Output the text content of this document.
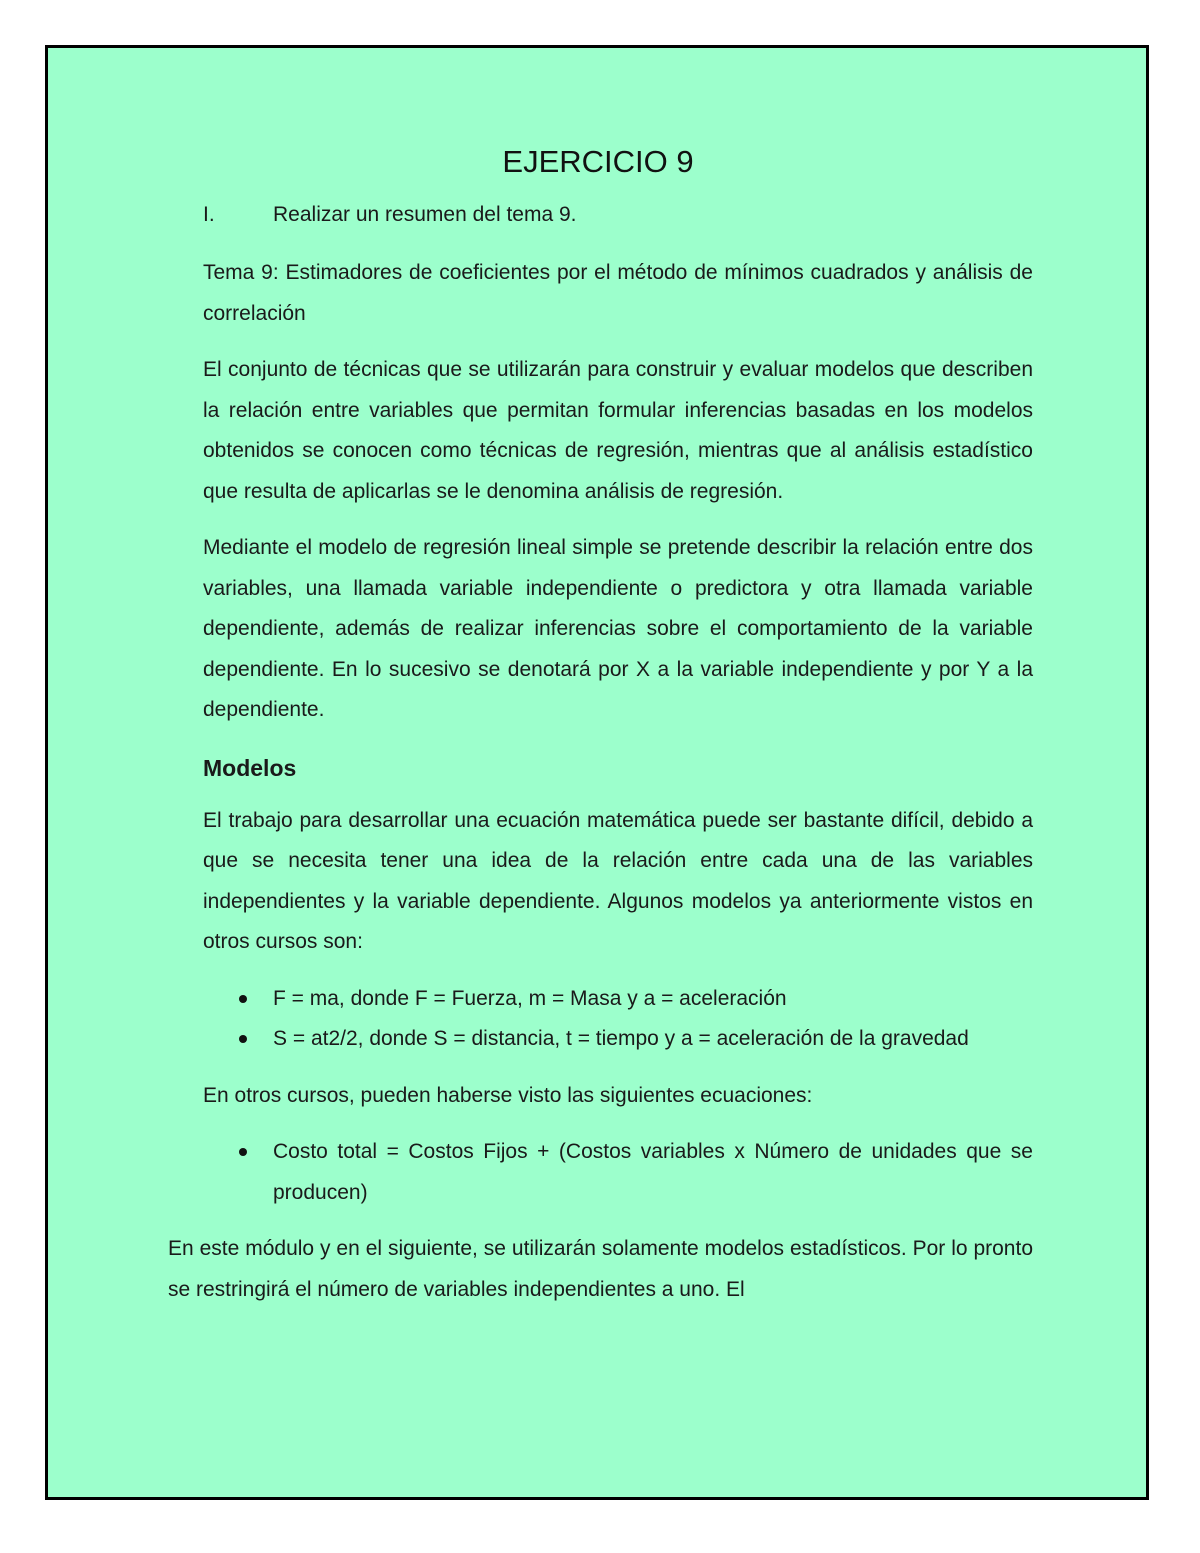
EJERCICIO 9

I.	Realizar un resumen del tema 9.

Tema 9: Estimadores de coeficientes por el método de mínimos cuadrados y análisis de correlación

El conjunto de técnicas que se utilizarán para construir y evaluar modelos que describen la relación entre variables que permitan formular inferencias basadas en los modelos obtenidos se conocen como técnicas de regresión, mientras que al análisis estadístico que resulta de aplicarlas se le denomina análisis de regresión.

Mediante el modelo de regresión lineal simple se pretende describir la relación entre dos variables, una llamada variable independiente o predictora y otra llamada variable dependiente, además de realizar inferencias sobre el comportamiento de la variable dependiente. En lo sucesivo se denotará por X a la variable independiente y por Y a la dependiente.

Modelos

El trabajo para desarrollar una ecuación matemática puede ser bastante difícil, debido a que se necesita tener una idea de la relación entre cada una de las variables independientes y la variable dependiente. Algunos modelos ya anteriormente vistos en otros cursos son:

F = ma, donde F = Fuerza, m = Masa y a = aceleración
S = at2/2, donde S = distancia, t = tiempo y a = aceleración de la gravedad

En otros cursos, pueden haberse visto las siguientes ecuaciones:

Costo total = Costos Fijos + (Costos variables x Número de unidades que se producen)

En este módulo y en el siguiente, se utilizarán solamente modelos estadísticos. Por lo pronto se restringirá el número de variables independientes a uno. El
